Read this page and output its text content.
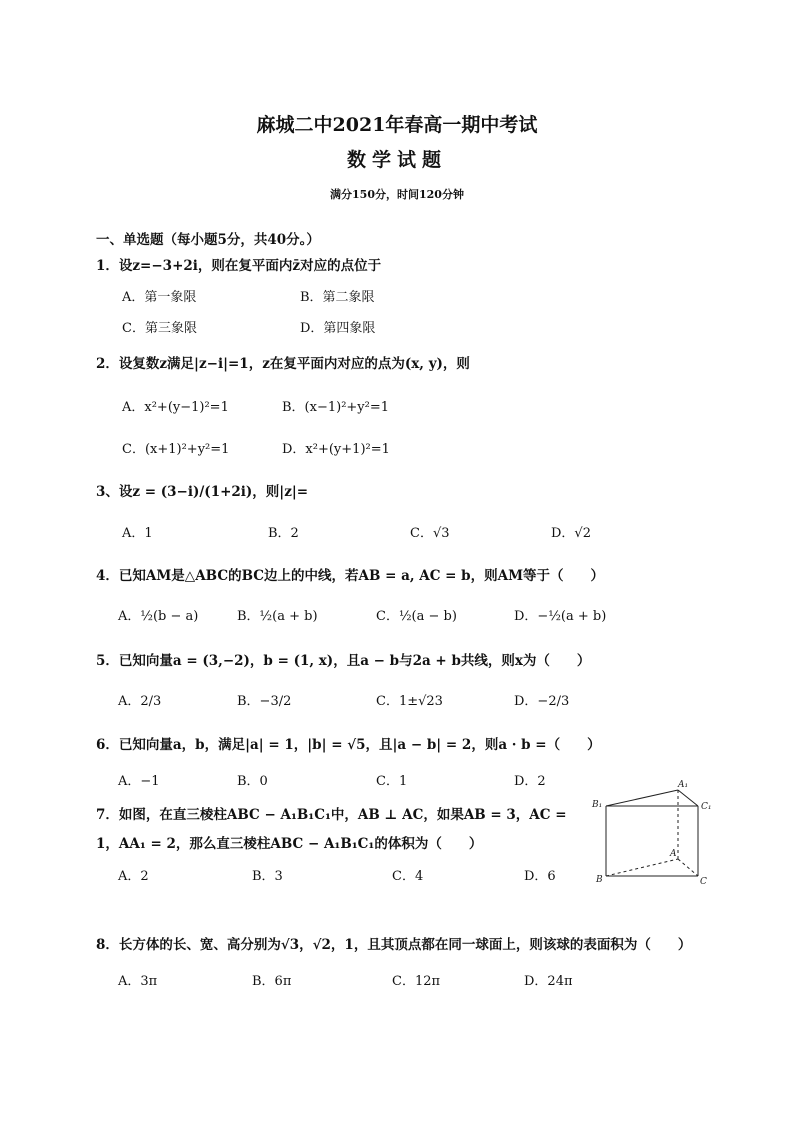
麻城二中2021年春高一期中考试
数学试题
满分150分，时间120分钟
一、单选题（每小题5分，共40分。）
1．设z=−3+2i，则在复平面内z̄对应的点位于
A．第一象限	B．第二象限
C．第三象限	D．第四象限
2．设复数z满足|z−i|=1，z在复平面内对应的点为(x, y)，则
A．x²+(y−1)²=1	B．(x−1)²+y²=1
C．(x+1)²+y²=1	D．x²+(y+1)²=1
3、设z = (3−i)/(1+2i)，则|z|=
A．1	B．2	C．√3	D．√2
4．已知AM是△ABC的BC边上的中线，若AB = a, AC = b，则AM等于（　　）
A．½(b − a)	B．½(a + b)	C．½(a − b)	D．−½(a + b)
5．已知向量a = (3,−2)，b = (1, x)，且a − b与2a + b共线，则x为（　　）
A．2/3	B．−3/2	C．1±√23	D．−2/3
6．已知向量a，b，满足|a| = 1，|b| = √5，且|a − b| = 2，则a · b =（　　）
A．−1	B．0	C．1	D．2
7．如图，在直三棱柱ABC − A₁B₁C₁中，AB ⊥ AC，如果AB = 3，AC = 1，AA₁ = 2，那么直三棱柱ABC − A₁B₁C₁的体积为（　　）
A．2	B．3	C．4	D．6
A₁
B₁	C₁
A
B	C
8．长方体的长、宽、高分别为√3，√2，1，且其顶点都在同一球面上，则该球的表面积为（　　）
A．3π	B．6π	C．12π	D．24π
